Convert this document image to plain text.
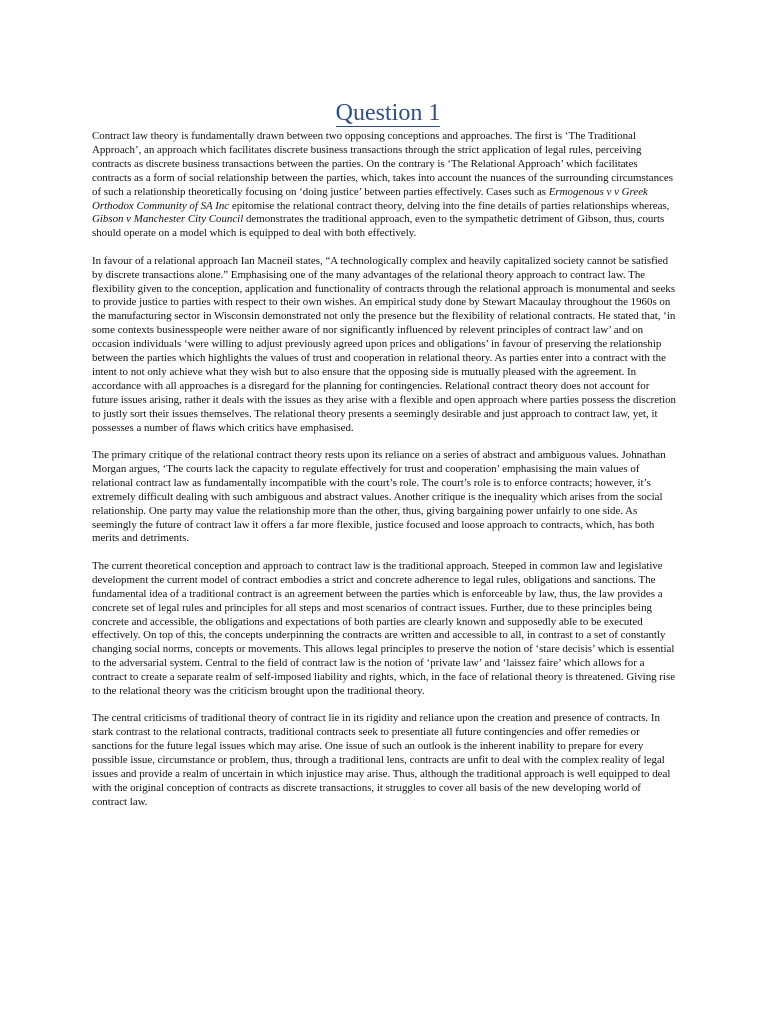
Question 1

Contract law theory is fundamentally drawn between two opposing conceptions and approaches. The first is ‘The Traditional Approach’, an approach which facilitates discrete business transactions through the strict application of legal rules, perceiving contracts as discrete business transactions between the parties. On the contrary is ‘The Relational Approach’ which facilitates contracts as a form of social relationship between the parties, which, takes into account the nuances of the surrounding circumstances of such a relationship theoretically focusing on ‘doing justice’ between parties effectively. Cases such as Ermogenous v v Greek Orthodox Community of SA Inc epitomise the relational contract theory, delving into the fine details of parties relationships whereas, Gibson v Manchester City Council demonstrates the traditional approach, even to the sympathetic detriment of Gibson, thus, courts should operate on a model which is equipped to deal with both effectively.

In favour of a relational approach Ian Macneil states, “A technologically complex and heavily capitalized society cannot be satisfied by discrete transactions alone.” Emphasising one of the many advantages of the relational theory approach to contract law. The flexibility given to the conception, application and functionality of contracts through the relational approach is monumental and seeks to provide justice to parties with respect to their own wishes. An empirical study done by Stewart Macaulay throughout the 1960s on the manufacturing sector in Wisconsin demonstrated not only the presence but the flexibility of relational contracts. He stated that, ‘in some contexts businesspeople were neither aware of nor significantly influenced by relevent principles of contract law’ and on occasion individuals ‘were willing to adjust previously agreed upon prices and obligations’ in favour of preserving the relationship between the parties which highlights the values of trust and cooperation in relational theory. As parties enter into a contract with the intent to not only achieve what they wish but to also ensure that the opposing side is mutually pleased with the agreement. In accordance with all approaches is a disregard for the planning for contingencies. Relational contract theory does not account for future issues arising, rather it deals with the issues as they arise with a flexible and open approach where parties possess the discretion to justly sort their issues themselves. The relational theory presents a seemingly desirable and just approach to contract law, yet, it possesses a number of flaws which critics have emphasised.

The primary critique of the relational contract theory rests upon its reliance on a series of abstract and ambiguous values. Johnathan Morgan argues, ‘The courts lack the capacity to regulate effectively for trust and cooperation’ emphasising the main values of relational contract law as fundamentally incompatible with the court’s role. The court’s role is to enforce contracts; however, it’s extremely difficult dealing with such ambiguous and abstract values. Another critique is the inequality which arises from the social relationship. One party may value the relationship more than the other, thus, giving bargaining power unfairly to one side. As seemingly the future of contract law it offers a far more flexible, justice focused and loose approach to contracts, which, has both merits and detriments.

The current theoretical conception and approach to contract law is the traditional approach. Steeped in common law and legislative development the current model of contract embodies a strict and concrete adherence to legal rules, obligations and sanctions. The fundamental idea of a traditional contract is an agreement between the parties which is enforceable by law, thus, the law provides a concrete set of legal rules and principles for all steps and most scenarios of contract issues. Further, due to these principles being concrete and accessible, the obligations and expectations of both parties are clearly known and supposedly able to be executed effectively. On top of this, the concepts underpinning the contracts are written and accessible to all, in contrast to a set of constantly changing social norms, concepts or movements. This allows legal principles to preserve the notion of ‘stare decisis’ which is essential to the adversarial system. Central to the field of contract law is the notion of ‘private law’ and ‘laissez faire’ which allows for a contract to create a separate realm of self-imposed liability and rights, which, in the face of relational theory is threatened. Giving rise to the relational theory was the criticism brought upon the traditional theory.

The central criticisms of traditional theory of contract lie in its rigidity and reliance upon the creation and presence of contracts. In stark contrast to the relational contracts, traditional contracts seek to presentiate all future contingencies and offer remedies or sanctions for the future legal issues which may arise. One issue of such an outlook is the inherent inability to prepare for every possible issue, circumstance or problem, thus, through a traditional lens, contracts are unfit to deal with the complex reality of legal issues and provide a realm of uncertain in which injustice may arise. Thus, although the traditional approach is well equipped to deal with the original conception of contracts as discrete transactions, it struggles to cover all basis of the new developing world of contract law.
